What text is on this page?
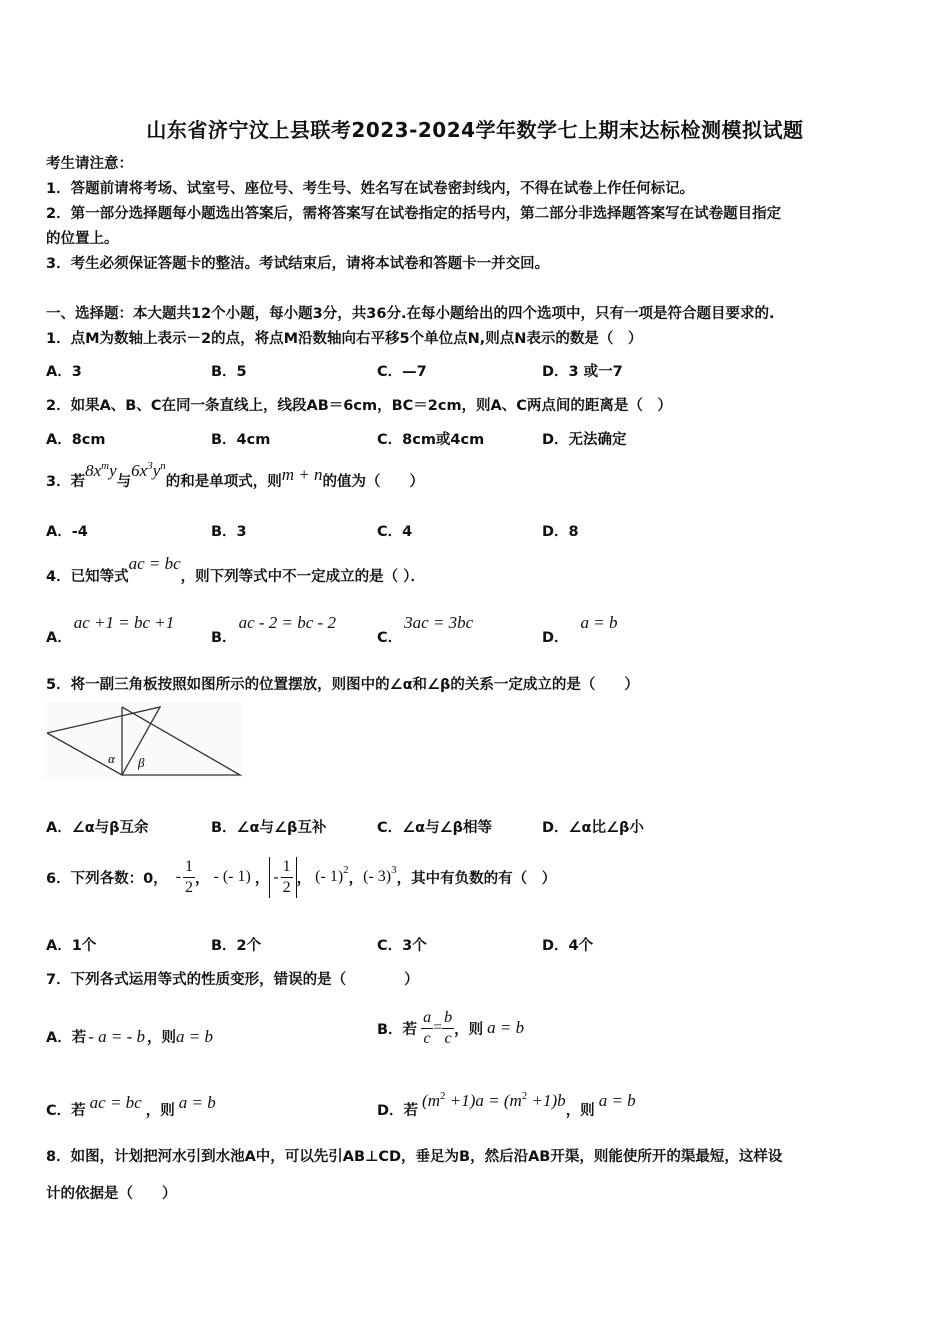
山东省济宁汶上县联考2023-2024学年数学七上期末达标检测模拟试题
考生请注意：
1．答题前请将考场、试室号、座位号、考生号、姓名写在试卷密封线内，不得在试卷上作任何标记。
2．第一部分选择题每小题选出答案后，需将答案写在试卷指定的括号内，第二部分非选择题答案写在试卷题目指定
的位置上。
3．考生必须保证答题卡的整洁。考试结束后，请将本试卷和答题卡一并交回。
一、选择题：本大题共12个小题，每小题3分，共36分.在每小题给出的四个选项中，只有一项是符合题目要求的.
1．点M为数轴上表示－2的点，将点M沿数轴向右平移5个单位点N,则点N表示的数是（　）
A．3	B．5	C．—7	D．3 或一7
2．如果A、B、C在同一条直线上，线段AB＝6cm，BC＝2cm，则A、C两点间的距离是（　）
A．8cm	B．4cm	C．8cm或4cm	D．无法确定
3．若$8x^my$与$6x^3y^n$的和是单项式，则m + n的值为（　　）
A．-4	B．3	C．4	D．8
4．已知等式ac = bc，则下列等式中不一定成立的是（ ）．
A．ac +1 = bc +1
B．ac - 2 = bc - 2
C．3ac = 3bc
D．a = b
5．将一副三角板按照如图所示的位置摆放，则图中的∠α和∠β的关系一定成立的是（　　）
α β
A．∠α与β互余	B．∠α与∠β互补	C．∠α与∠β相等	D．∠α比∠β小
6．下列各数：0， - $\frac{1}{2}$ ， - (- 1) ， - $\frac{1}{2}$ ， (- 1) 2
， (- 3) 3
，其中有负数的有（　）
A．1个	B．2个	C．3个	D．4个
7．下列各式运用等式的性质变形，错误的是（　　　　）
A．若 - a = - b ，则a = b	B．若 $\frac{a}{c} = \frac{b}{c}$ ，则 a = b
C．若 ac = bc ，则 a = b	D．若$(m^2 +1)a = (m^2 +1)b$，则a = b
8．如图，计划把河水引到水池A中，可以先引AB⊥CD，垂足为B，然后沿AB开渠，则能使所开的渠最短，这样设
计的依据是（　　）
